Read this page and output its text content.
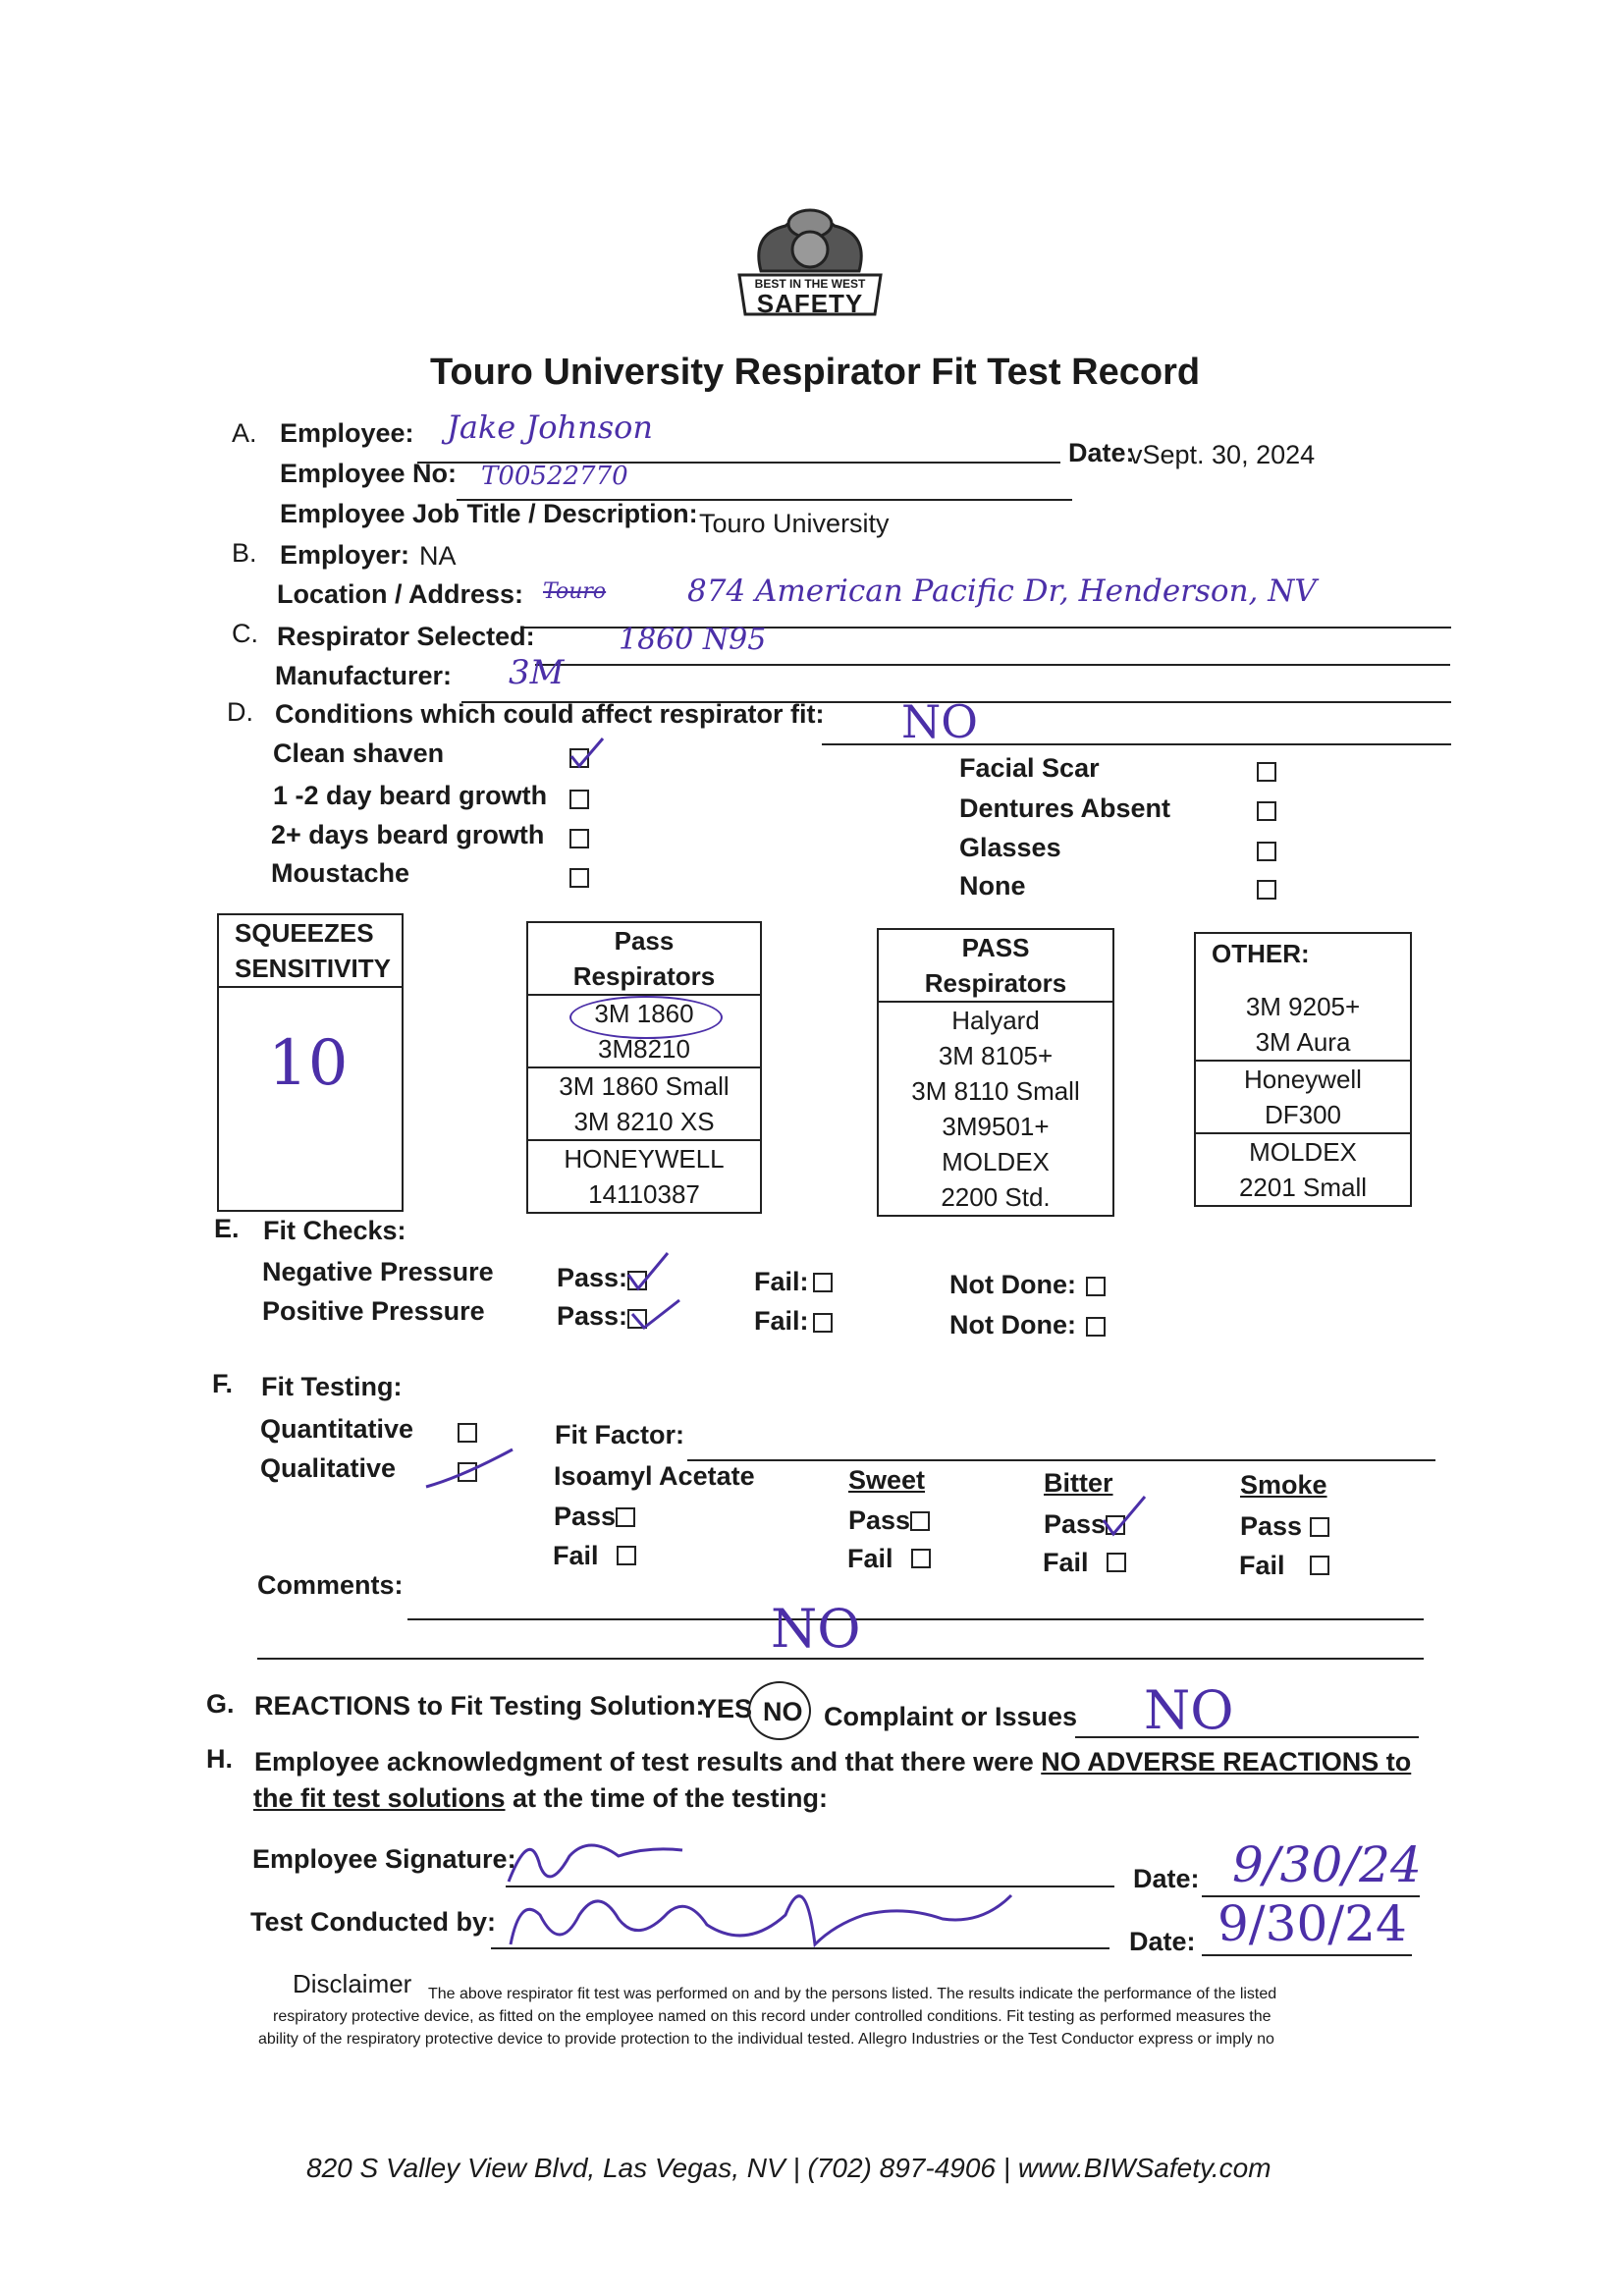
BEST IN THE WEST
SAFETY
Touro University Respirator Fit Test Record
A. Employee: Jake Johnson
Date:
vSept. 30, 2024
Employee No: T00522770
Employee Job Title / Description: Touro University
B. Employer: NA
Location / Address: Touro	874 American Pacific Dr, Henderson, NV
C. Respirator Selected:	1860 N95
Manufacturer: 3M
D. Conditions which could affect respirator fit: NO
Clean shaven
1 -2 day beard growth
2+ days beard growth
Moustache
Facial Scar
Dentures Absent
Glasses
None
SQUEEZES
SENSITIVITY
10
Pass
Respirators
3M 1860
3M8210
3M 1860 Small
3M 8210 XS
HONEYWELL
14110387
PASS
Respirators
Halyard
3M 8105+
3M 8110 Small
3M9501+
MOLDEX
2200 Std.
OTHER:
3M 9205+
3M Aura
Honeywell
DF300
MOLDEX
2201 Small
E. Fit Checks:
Negative Pressure Pass:	Fail:	Not Done:
Positive Pressure	Pass:	Fail:	Not Done:
F. Fit Testing:
Quantitative
Qualitative
Fit Factor:
Isoamyl Acetate
Pass
Fail
Sweet
Pass
Fail
Bitter
Pass
Fail
Smoke
Pass
Fail
Comments:
NO
G. REACTIONS to Fit Testing Solution:
YES NO Complaint or Issues NO
H. Employee acknowledgment of test results and that there were NO ADVERSE REACTIONS to
the fit test solutions at the time of the testing:
Employee Signature:
Date: 9/30/24
Test Conducted by:
Date: 9/30/24
Disclaimer The above respirator fit test was performed on and by the persons listed. The results indicate the performance of the listed
respiratory protective device, as fitted on the employee named on this record under controlled conditions. Fit testing as performed measures the
ability of the respiratory protective device to provide protection to the individual tested. Allegro Industries or the Test Conductor express or imply no
820 S Valley View Blvd, Las Vegas, NV | (702) 897-4906 | www.BIWSafety.com
